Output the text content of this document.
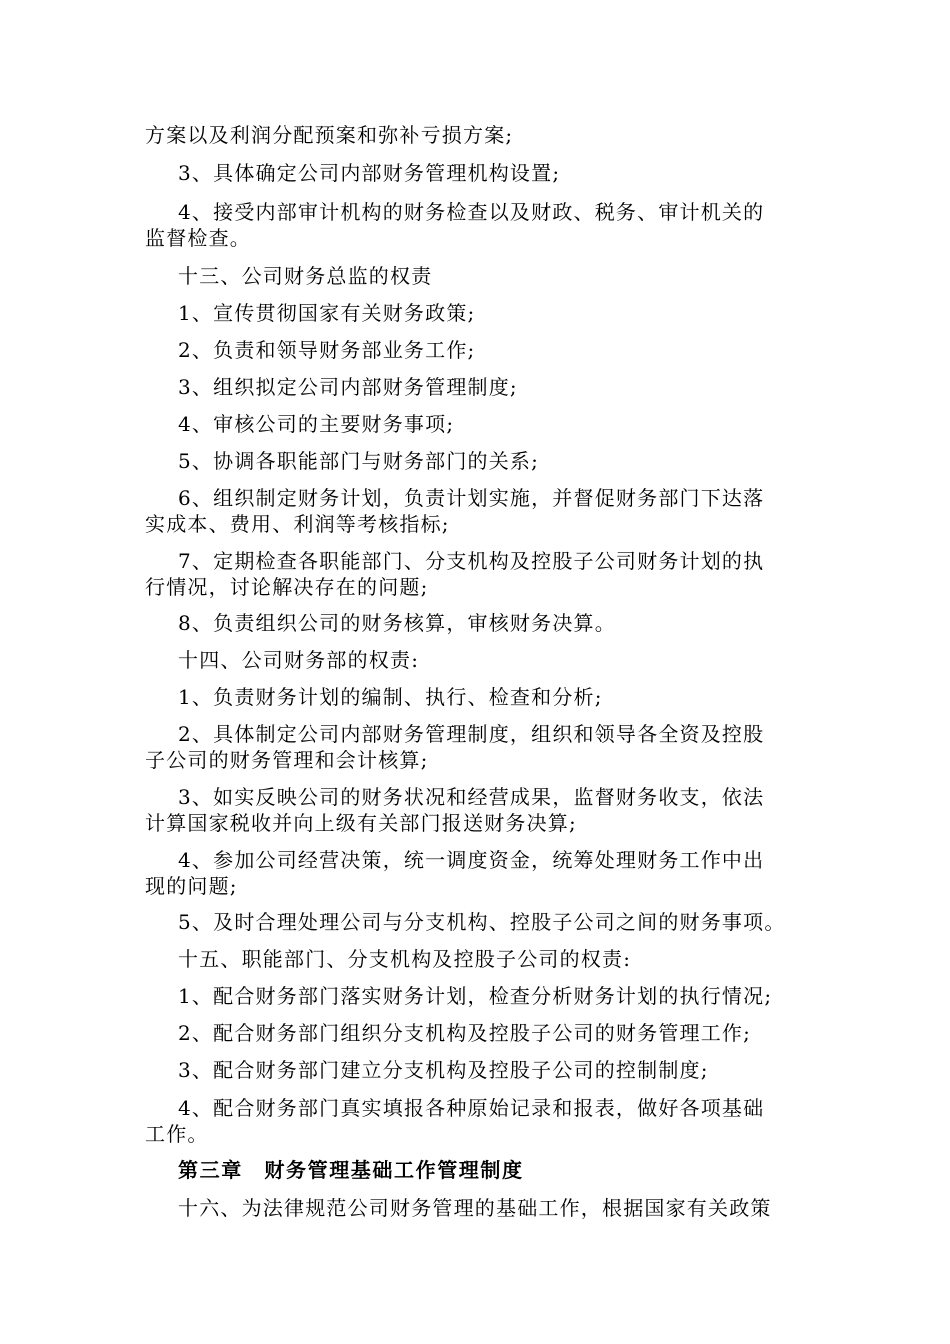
方案以及利润分配预案和弥补亏损方案;
3、具体确定公司内部财务管理机构设置;
4、接受内部审计机构的财务检查以及财政、税务、审计机关的
监督检查。
十三、公司财务总监的权责
1、宣传贯彻国家有关财务政策;
2、负责和领导财务部业务工作;
3、组织拟定公司内部财务管理制度;
4、审核公司的主要财务事项;
5、协调各职能部门与财务部门的关系;
6、组织制定财务计划，负责计划实施，并督促财务部门下达落
实成本、费用、利润等考核指标;
7、定期检查各职能部门、分支机构及控股子公司财务计划的执
行情况，讨论解决存在的问题;
8、负责组织公司的财务核算，审核财务决算。
十四、公司财务部的权责:
1、负责财务计划的编制、执行、检查和分析;
2、具体制定公司内部财务管理制度，组织和领导各全资及控股
子公司的财务管理和会计核算;
3、如实反映公司的财务状况和经营成果，监督财务收支，依法
计算国家税收并向上级有关部门报送财务决算;
4、参加公司经营决策，统一调度资金，统筹处理财务工作中出
现的问题;
5、及时合理处理公司与分支机构、控股子公司之间的财务事项。
十五、职能部门、分支机构及控股子公司的权责:
1、配合财务部门落实财务计划，检查分析财务计划的执行情况;
2、配合财务部门组织分支机构及控股子公司的财务管理工作;
3、配合财务部门建立分支机构及控股子公司的控制制度;
4、配合财务部门真实填报各种原始记录和报表，做好各项基础
工作。
第三章　财务管理基础工作管理制度
十六、为法律规范公司财务管理的基础工作，根据国家有关政策
